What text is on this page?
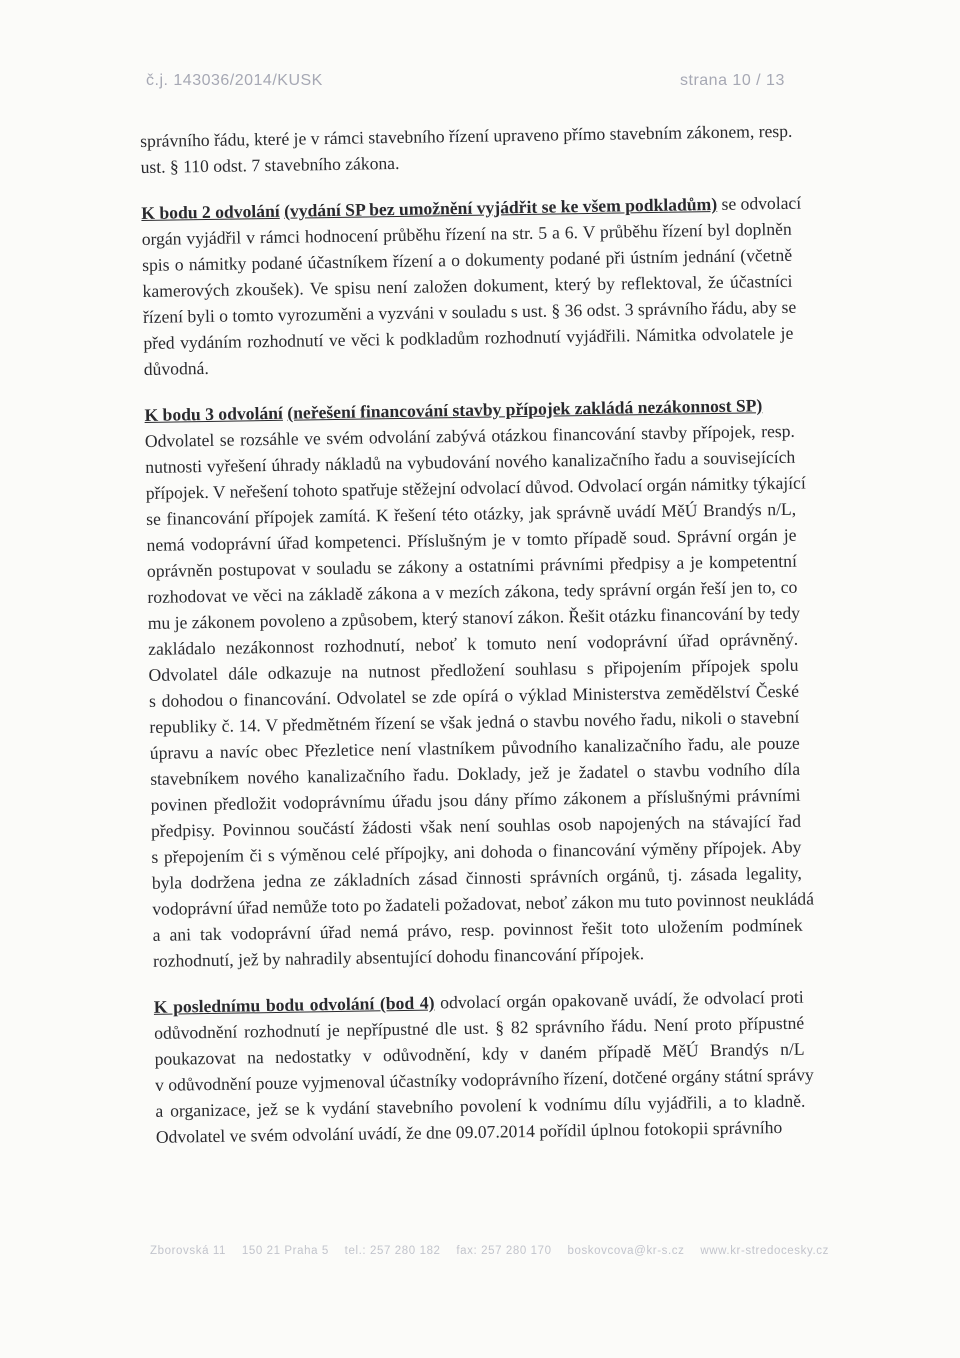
č.j. 143036/2014/KUSK	strana 10 / 13
správního řádu, které je v rámci stavebního řízení upraveno přímo stavebním zákonem, resp.
ust. § 110 odst. 7 stavebního zákona.
K bodu 2 odvolání (vydání SP bez umožnění vyjádřit se ke všem podkladům) se odvolací
orgán vyjádřil v rámci hodnocení průběhu řízení na str. 5 a 6. V průběhu řízení byl doplněn
spis o námitky podané účastníkem řízení a o dokumenty podané při ústním jednání (včetně
kamerových zkoušek). Ve spisu není založen dokument, který by reflektoval, že účastníci
řízení byli o tomto vyrozuměni a vyzváni v souladu s ust. § 36 odst. 3 správního řádu, aby se
před vydáním rozhodnutí ve věci k podkladům rozhodnutí vyjádřili. Námitka odvolatele je
důvodná.
K bodu 3 odvolání (neřešení financování stavby přípojek zakládá nezákonnost SP)
Odvolatel se rozsáhle ve svém odvolání zabývá otázkou financování stavby přípojek, resp.
nutnosti vyřešení úhrady nákladů na vybudování nového kanalizačního řadu a souvisejících
přípojek. V neřešení tohoto spatřuje stěžejní odvolací důvod. Odvolací orgán námitky týkající
se financování přípojek zamítá. K řešení této otázky, jak správně uvádí MěÚ Brandýs n/L,
nemá vodoprávní úřad kompetenci. Příslušným je v tomto případě soud. Správní orgán je
oprávněn postupovat v souladu se zákony a ostatními právními předpisy a je kompetentní
rozhodovat ve věci na základě zákona a v mezích zákona, tedy správní orgán řeší jen to, co
mu je zákonem povoleno a způsobem, který stanoví zákon. Řešit otázku financování by tedy
zakládalo nezákonnost rozhodnutí, neboť k tomuto není vodoprávní úřad oprávněný.
Odvolatel dále odkazuje na nutnost předložení souhlasu s připojením přípojek spolu
s dohodou o financování. Odvolatel se zde opírá o výklad Ministerstva zemědělství České
republiky č. 14. V předmětném řízení se však jedná o stavbu nového řadu, nikoli o stavební
úpravu a navíc obec Přezletice není vlastníkem původního kanalizačního řadu, ale pouze
stavebníkem nového kanalizačního řadu. Doklady, jež je žadatel o stavbu vodního díla
povinen předložit vodoprávnímu úřadu jsou dány přímo zákonem a příslušnými právními
předpisy. Povinnou součástí žádosti však není souhlas osob napojených na stávající řad
s přepojením či s výměnou celé přípojky, ani dohoda o financování výměny přípojek. Aby
byla dodržena jedna ze základních zásad činnosti správních orgánů, tj. zásada legality,
vodoprávní úřad nemůže toto po žadateli požadovat, neboť zákon mu tuto povinnost neukládá
a ani tak vodoprávní úřad nemá právo, resp. povinnost řešit toto uložením podmínek
rozhodnutí, jež by nahradily absentující dohodu financování přípojek.
K poslednímu bodu odvolání (bod 4) odvolací orgán opakovaně uvádí, že odvolací proti
odůvodnění rozhodnutí je nepřípustné dle ust. § 82 správního řádu. Není proto přípustné
poukazovat na nedostatky v odůvodnění, kdy v daném případě MěÚ Brandýs n/L
v odůvodnění pouze vyjmenoval účastníky vodoprávního řízení, dotčené orgány státní správy
a organizace, jež se k vydání stavebního povolení k vodnímu dílu vyjádřili, a to kladně.
Odvolatel ve svém odvolání uvádí, že dne 09.07.2014 pořídil úplnou fotokopii správního
Zborovská 11 150 21 Praha 5 tel.: 257 280 182 fax: 257 280 170 boskovcova@kr-s.cz www.kr-stredocesky.cz
